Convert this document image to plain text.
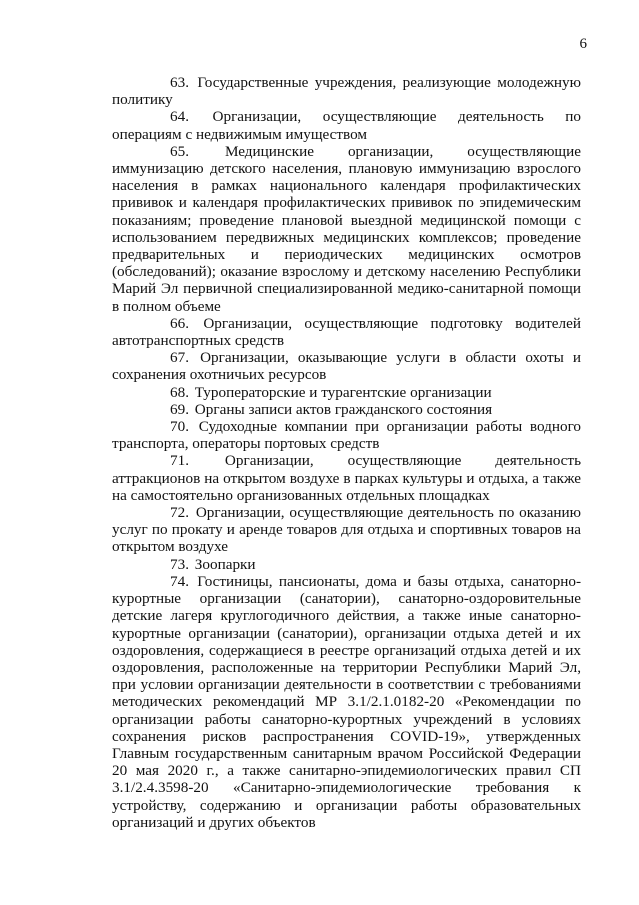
6

63. Государственные учреждения, реализующие молодежную политику

64. Организации, осуществляющие деятельность по операциям с недвижимым имуществом

65. Медицинские организации, осуществляющие иммунизацию детского населения, плановую иммунизацию взрослого населения в рамках национального календаря профилактических прививок и календаря профилактических прививок по эпидемическим показаниям; проведение плановой выездной медицинской помощи с использованием передвижных медицинских комплексов; проведение предварительных и периодических медицинских осмотров (обследований); оказание взрослому и детскому населению Республики Марий Эл первичной специализированной медико-санитарной помощи в полном объеме

66. Организации, осуществляющие подготовку водителей автотранспортных средств

67. Организации, оказывающие услуги в области охоты и сохранения охотничьих ресурсов

68. Туроператорские и турагентские организации

69. Органы записи актов гражданского состояния

70. Судоходные компании при организации работы водного транспорта, операторы портовых средств

71. Организации, осуществляющие деятельность аттракционов на открытом воздухе в парках культуры и отдыха, а также на самостоятельно организованных отдельных площадках

72. Организации, осуществляющие деятельность по оказанию услуг по прокату и аренде товаров для отдыха и спортивных товаров на открытом воздухе

73. Зоопарки

74. Гостиницы, пансионаты, дома и базы отдыха, санаторно-курортные организации (санатории), санаторно-оздоровительные детские лагеря круглогодичного действия, а также иные санаторно-курортные организации (санатории), организации отдыха детей и их оздоровления, содержащиеся в реестре организаций отдыха детей и их оздоровления, расположенные на территории Республики Марий Эл, при условии организации деятельности в соответствии с требованиями методических рекомендаций МР 3.1/2.1.0182-20 «Рекомендации по организации работы санаторно-курортных учреждений в условиях сохранения рисков распространения COVID-19», утвержденных Главным государственным санитарным врачом Российской Федерации 20 мая 2020 г., а также санитарно-эпидемиологических правил СП 3.1/2.4.3598-20 «Санитарно-эпидемиологические требования к устройству, содержанию и организации работы образовательных организаций и других объектов
